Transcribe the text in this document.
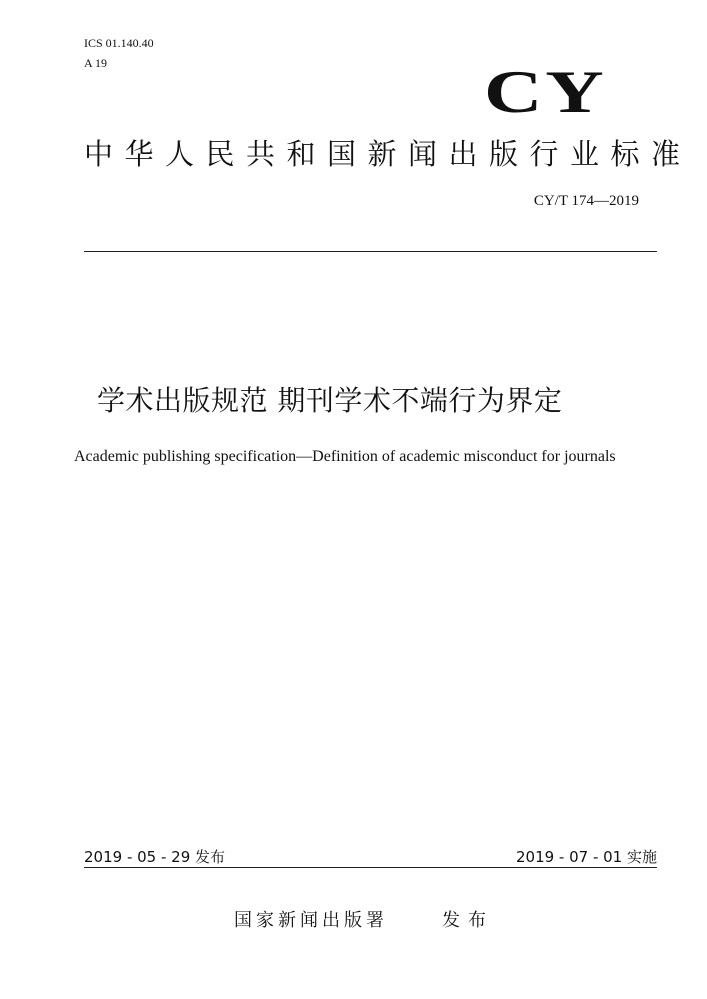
ICS 01.140.40
A 19	CY
中华人民共和国新闻出版行业标准
CY/T 174—2019
学术出版规范 期刊学术不端行为界定
Academic publishing specification—Definition of academic misconduct for journals
2019 - 05 - 29 发布	2019 - 07 - 01 实施
国家新闻出版署	发布
